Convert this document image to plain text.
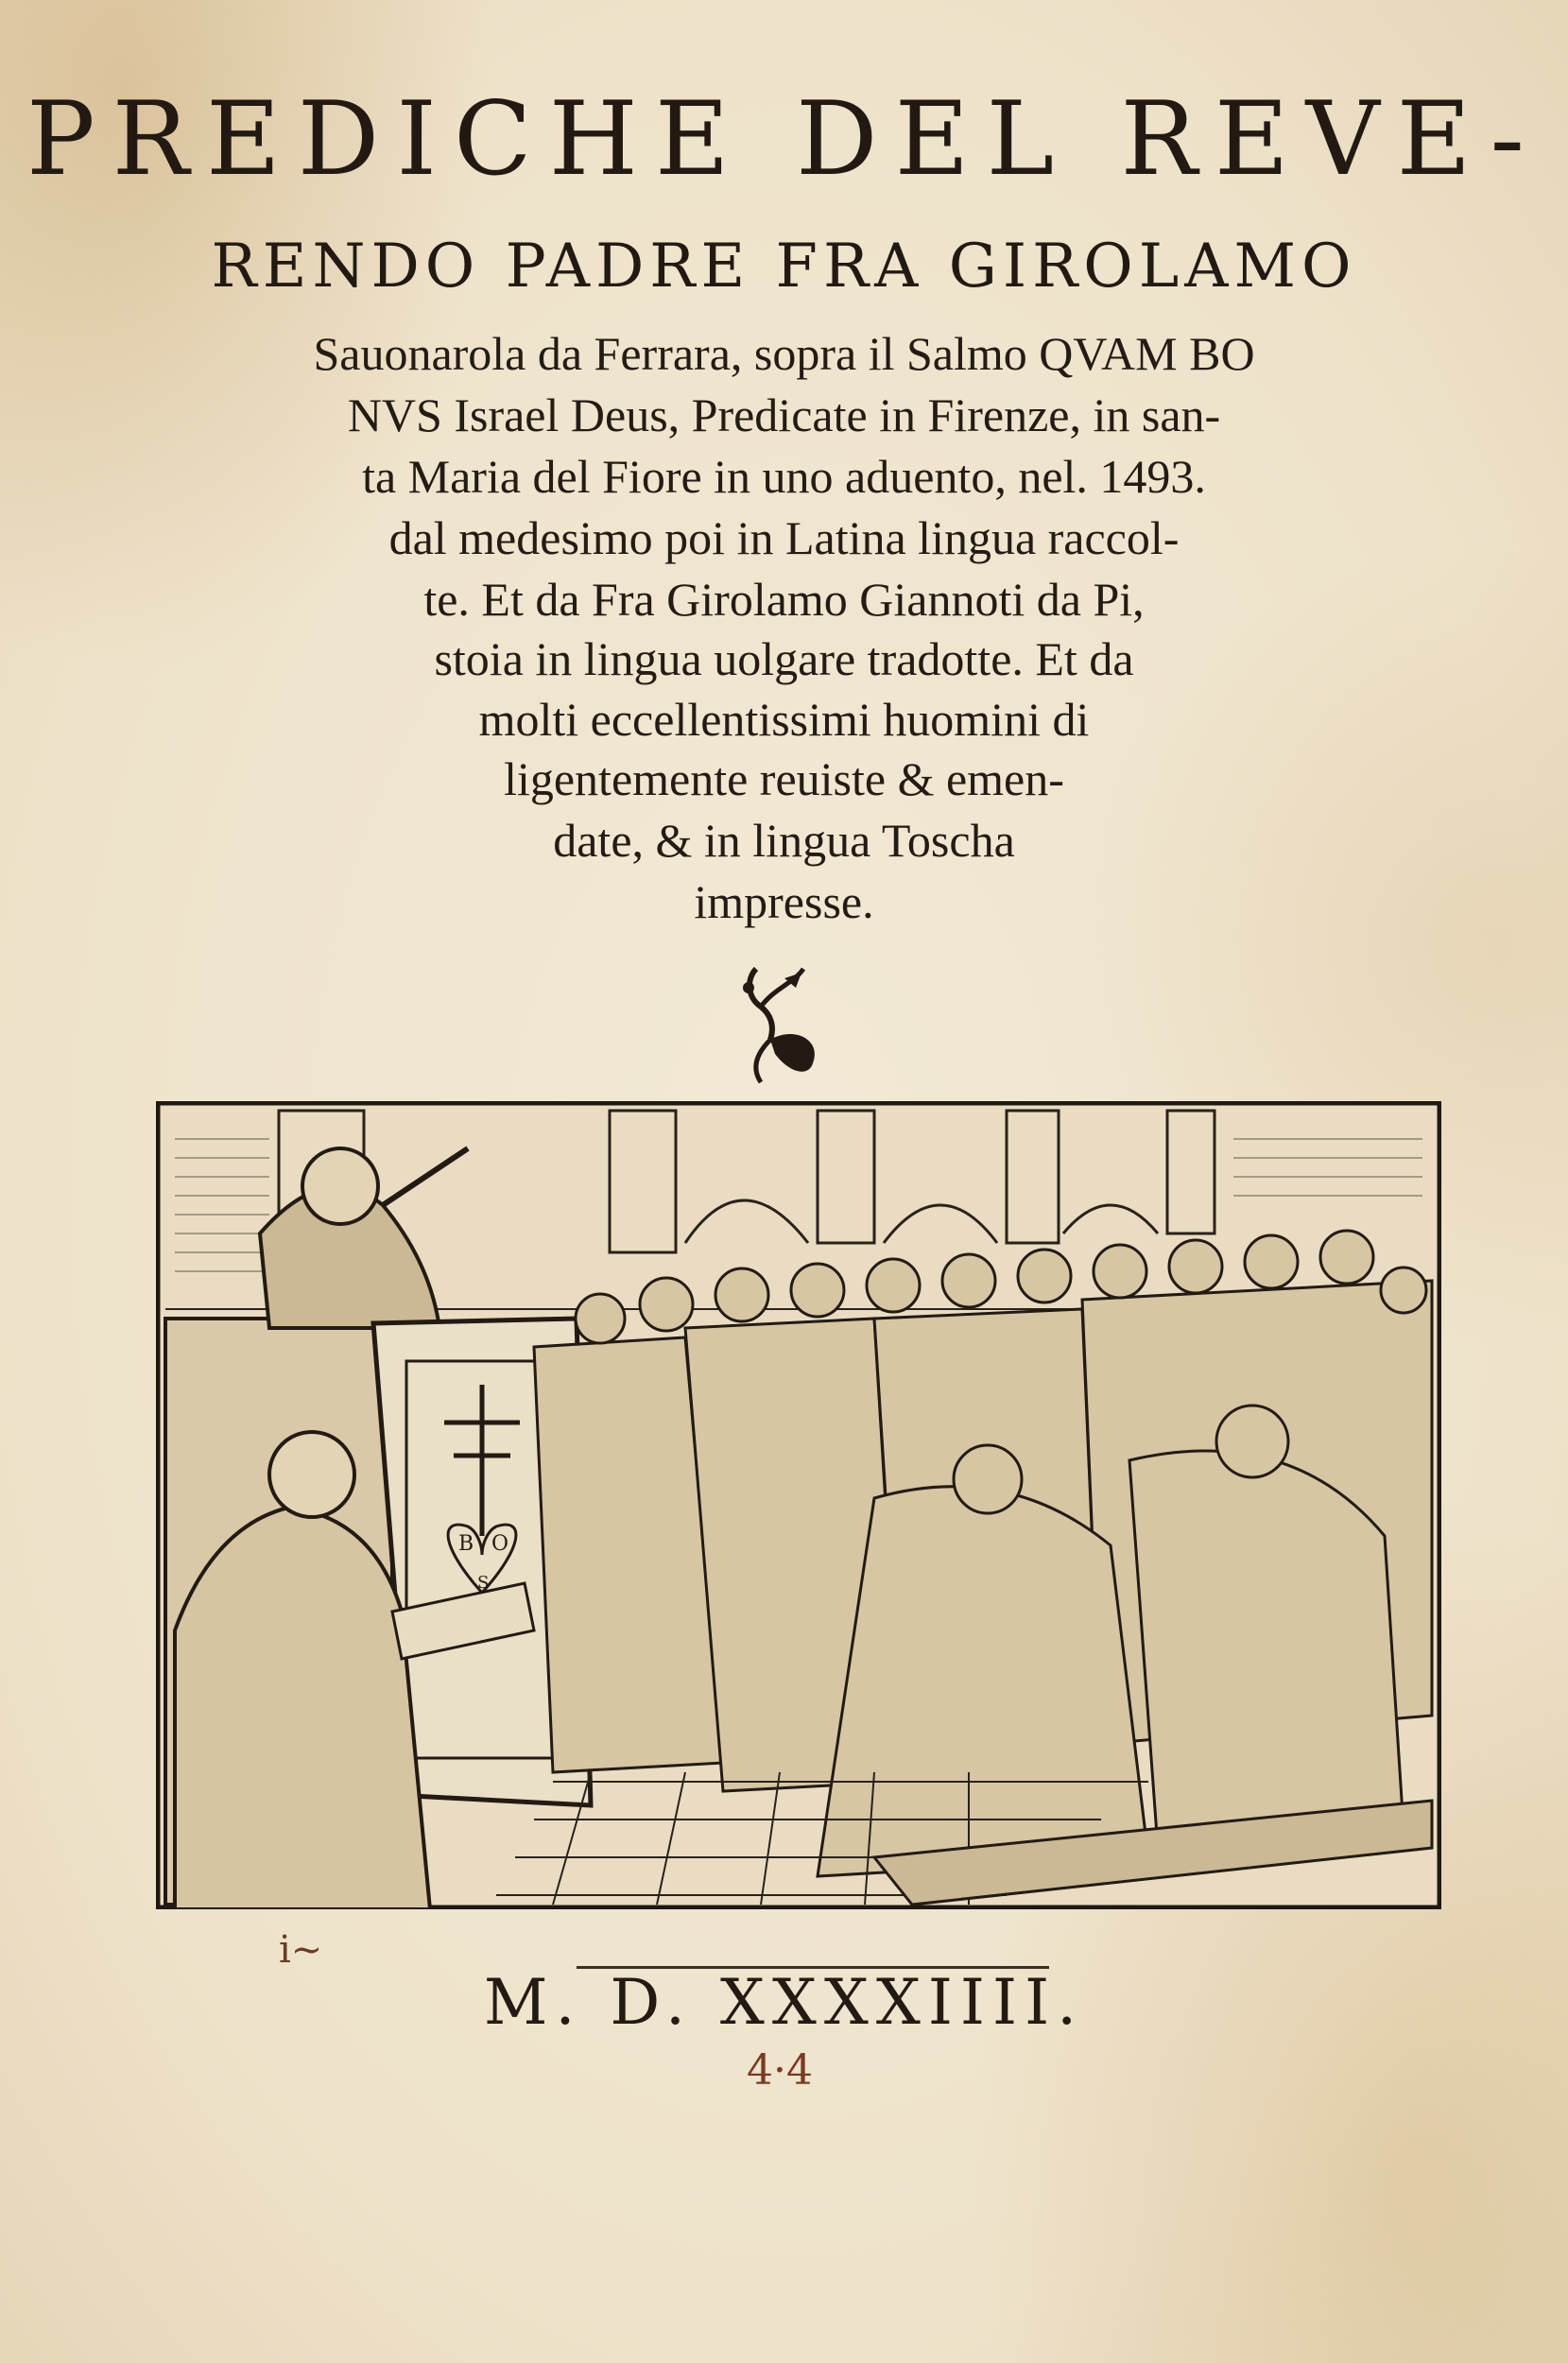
PREDICHE DEL REVE-
RENDO PADRE FRA GIROLAMO
Sauonarola da Ferrara, sopra il Salmo QVAM BO
NVS Israel Deus, Predicate in Firenze, in san-
ta Maria del Fiore in uno aduento, nel. 1493.
dal medesimo poi in Latina lingua raccol-
te. Et da Fra Girolamo Giannoti da Pi,
stoia in lingua uolgare tradotte. Et da
molti eccellentissimi huomini di
ligentemente reuiste & emen-
date, & in lingua Toscha
impresse.
B O
S
i~
M. D. XXXXIIII.
4·4
